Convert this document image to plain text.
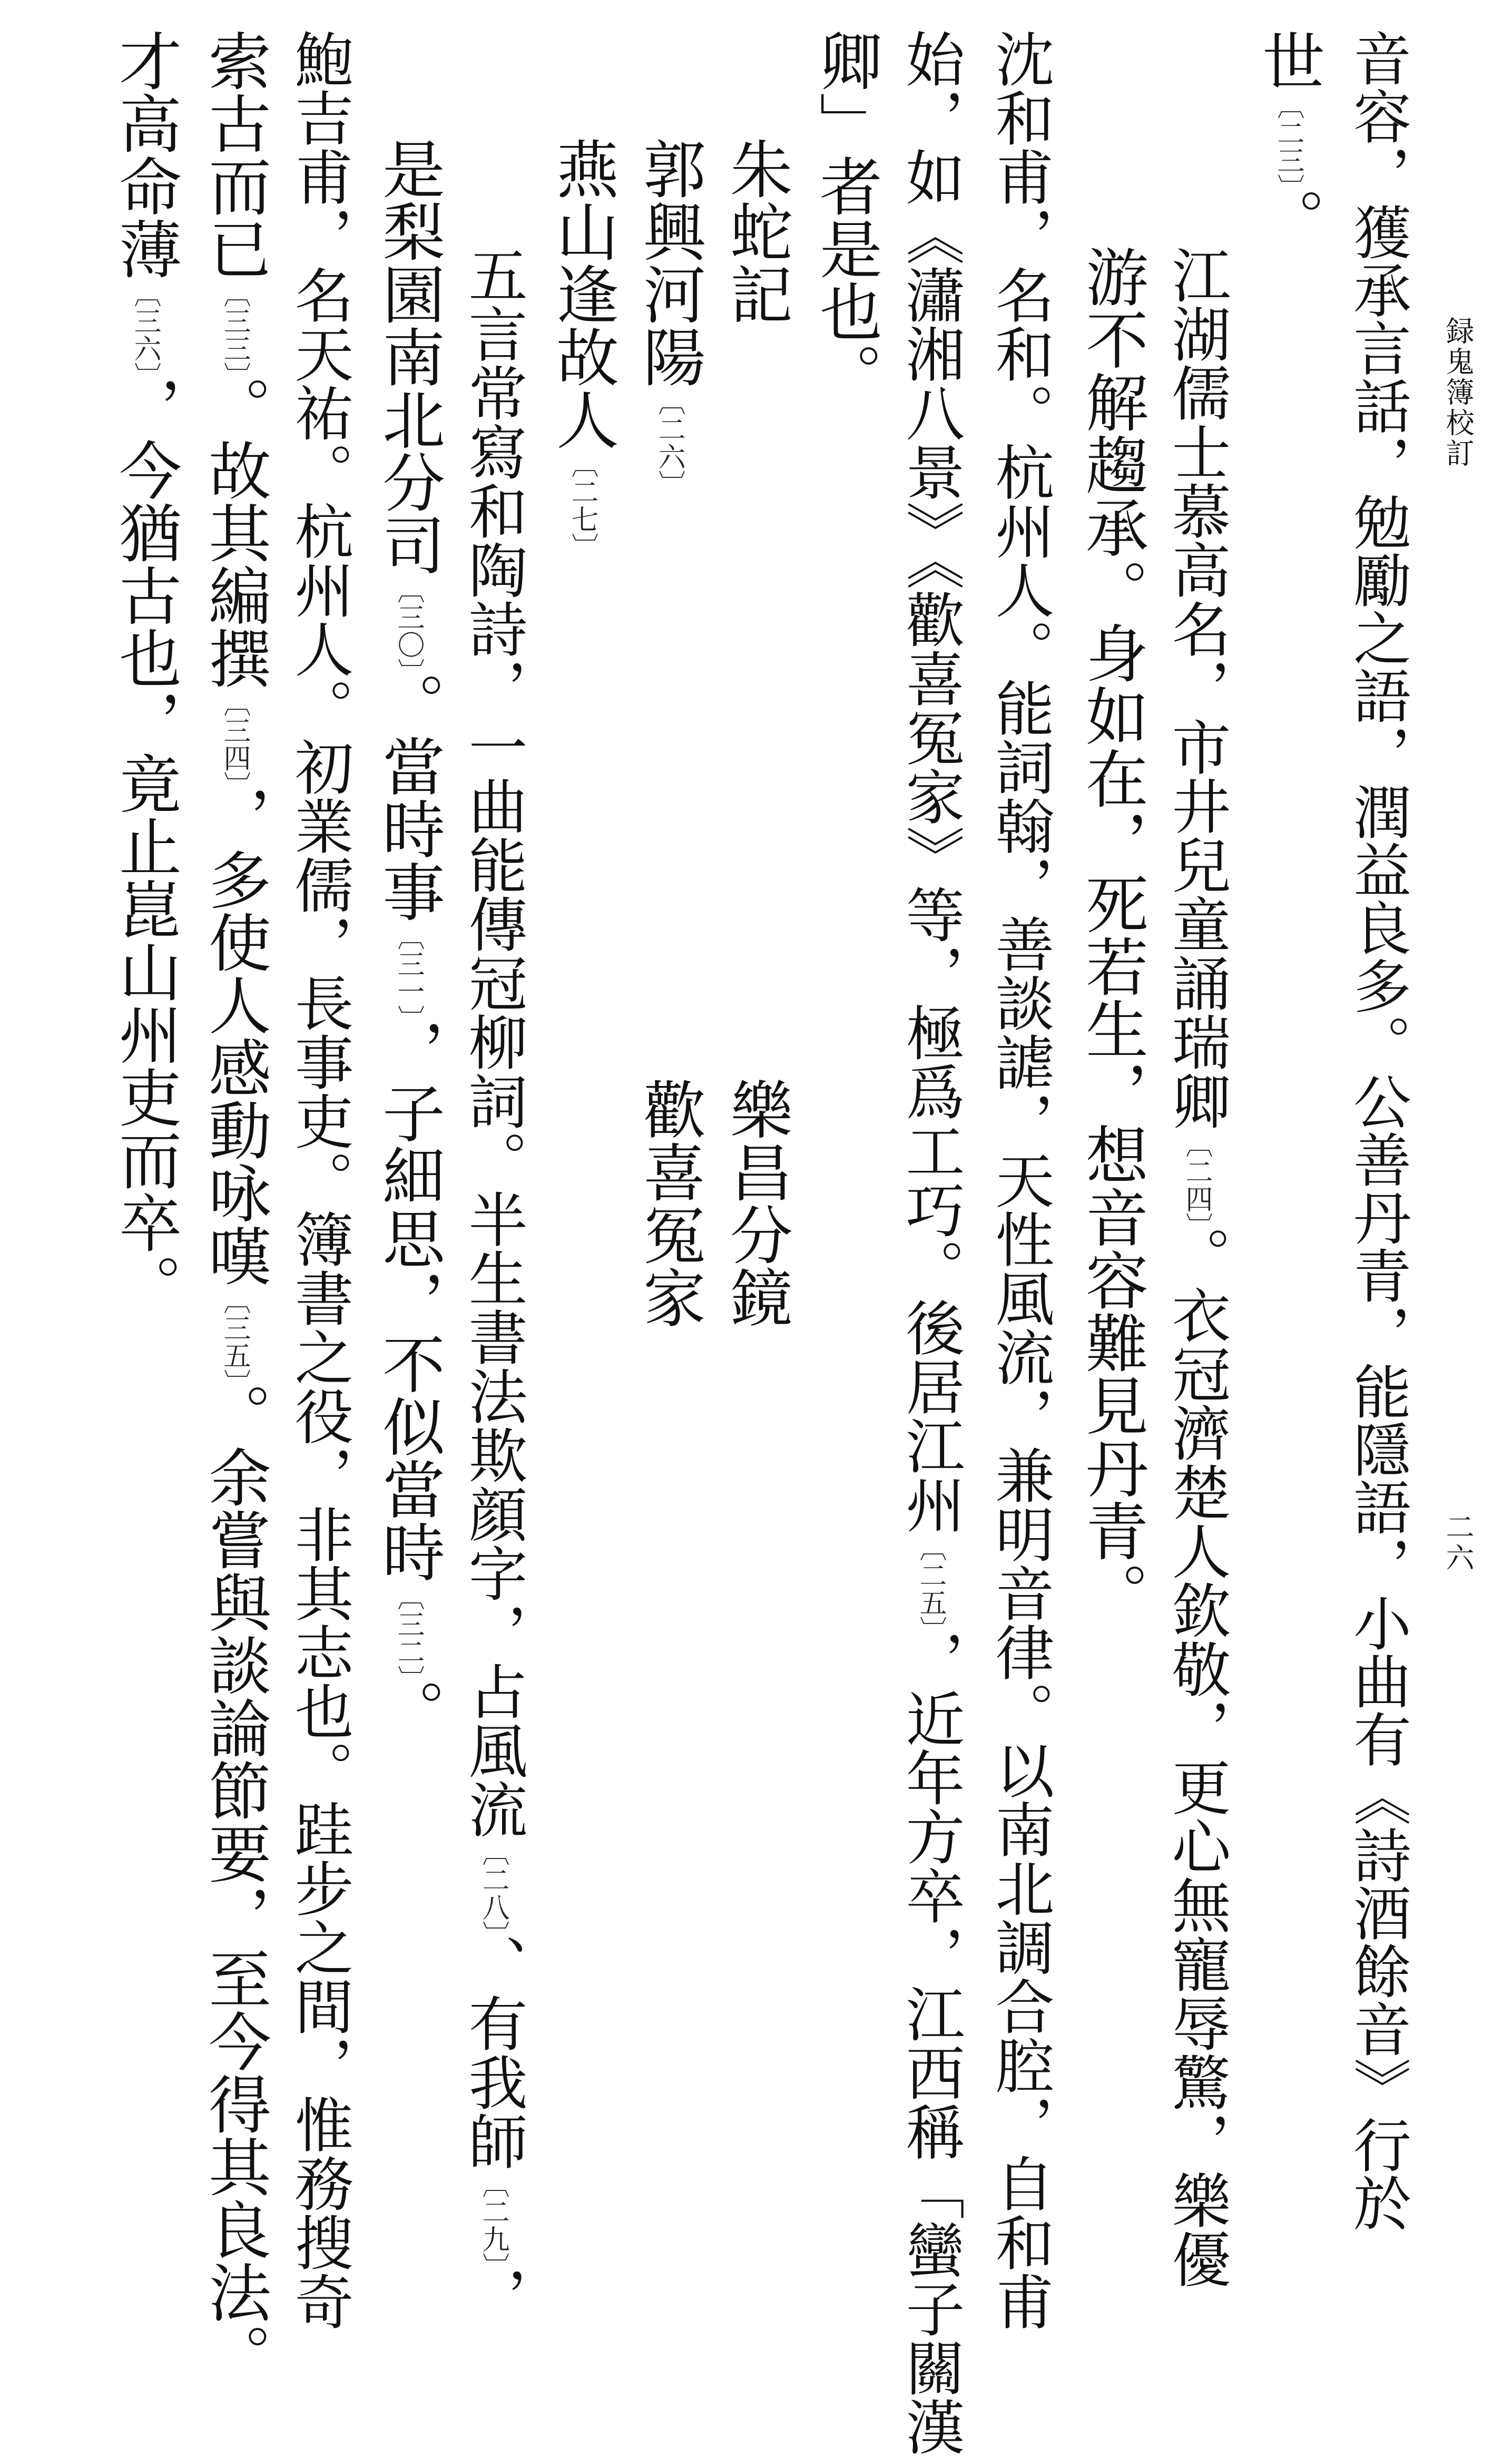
録鬼簿校訂
二六
音容，獲承言話，勉勵之語，潤益良多。公善丹青，能隱語，小曲有《詩酒餘音》行於
世〔二三〕。
江湖儒士慕高名，市井兒童誦瑞卿〔二四〕。衣冠濟楚人欽敬，更心無寵辱驚，樂優
游不解趨承。身如在，死若生，想音容難見丹青。
沈和甫，名和。杭州人。能詞翰，善談謔，天性風流，兼明音律。以南北調合腔，自和甫
始，如《瀟湘八景》《歡喜冤家》等，極爲工巧。後居江州〔二五〕，近年方卒，江西稱「蠻子關漢
卿」者是也。
朱蛇記
樂昌分鏡
郭興河陽〔二六〕
歡喜冤家
燕山逢故人〔二七〕
五言常寫和陶詩，一曲能傳冠柳詞。半生書法欺顔字，占風流〔二八〕、有我師〔二九〕，
是梨園南北分司〔三〇〕。當時事〔三一〕，子細思，不似當時〔三二〕。
鮑吉甫，名天祐。杭州人。初業儒，長事吏。簿書之役，非其志也。跬步之間，惟務搜奇
索古而已〔三三〕。故其編撰〔三四〕，多使人感動咏嘆〔三五〕。余嘗與談論節要，至今得其良法。
才高命薄〔三六〕，今猶古也，竟止崑山州吏而卒。
